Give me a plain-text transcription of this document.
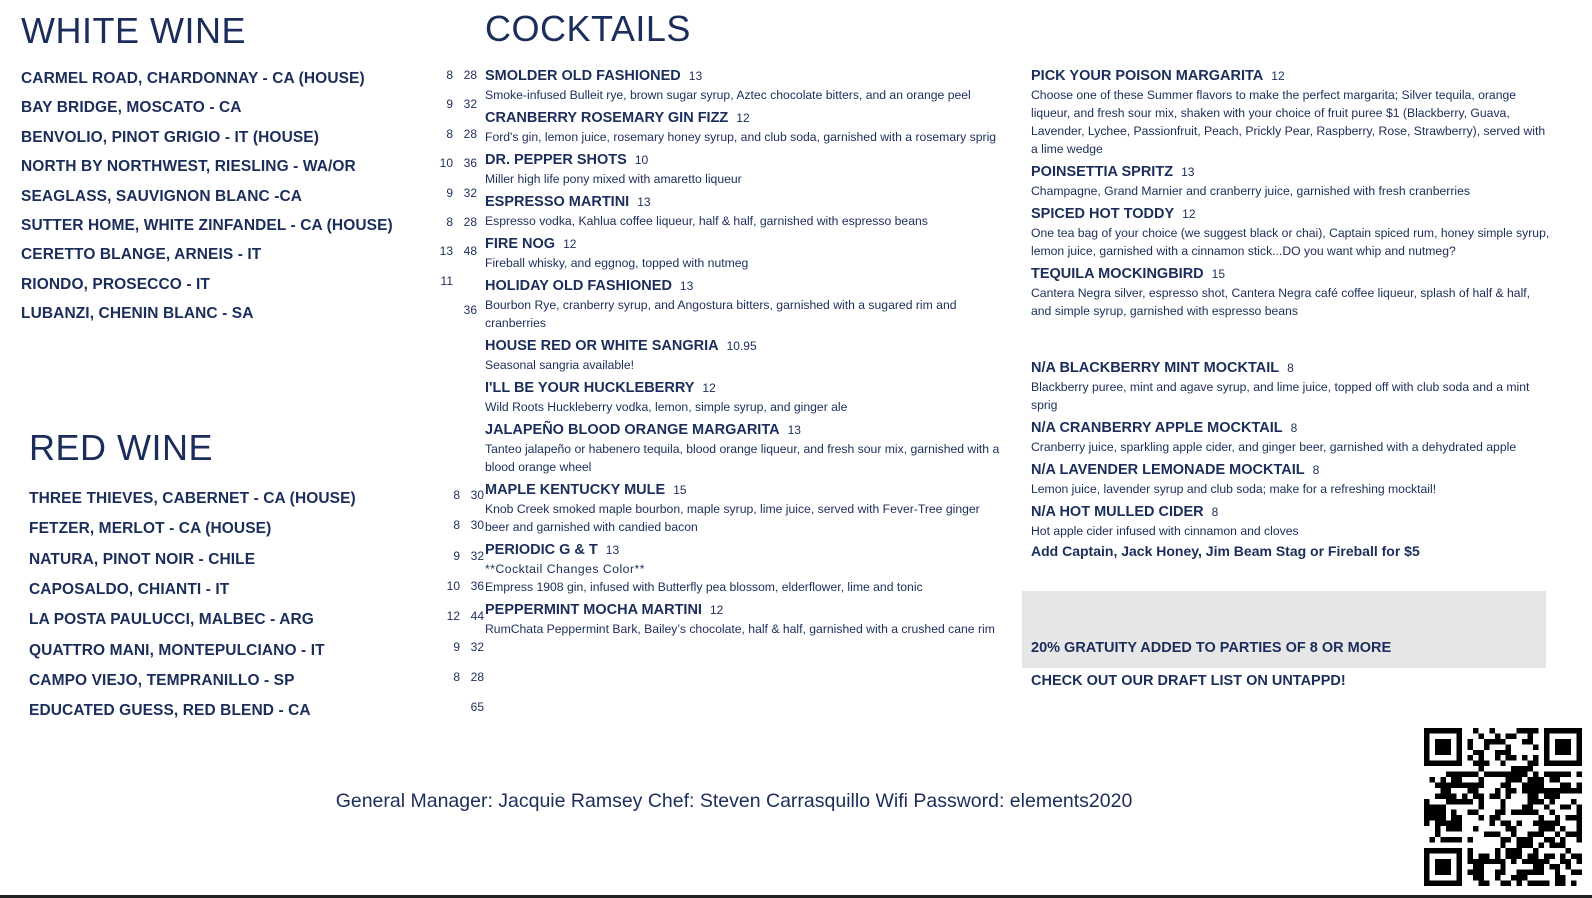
WHITE WINE
CARMEL ROAD, CHARDONNAY - CA (HOUSE)	8 28
BAY BRIDGE, MOSCATO - CA	9 32
BENVOLIO, PINOT GRIGIO - IT (HOUSE)	8 28
NORTH BY NORTHWEST, RIESLING - WA/OR	10 36
SEAGLASS, SAUVIGNON BLANC -CA	9 32
SUTTER HOME, WHITE ZINFANDEL - CA (HOUSE)	8 28
CERETTO BLANGE, ARNEIS - IT	13 48
RIONDO, PROSECCO - IT	11
LUBANZI, CHENIN BLANC - SA	36
RED WINE
THREE THIEVES, CABERNET - CA (HOUSE)	8 30
FETZER, MERLOT - CA (HOUSE)	8 30
NATURA, PINOT NOIR - CHILE	9 32
CAPOSALDO, CHIANTI - IT	10 36
LA POSTA PAULUCCI, MALBEC - ARG	12 44
QUATTRO MANI, MONTEPULCIANO - IT	9 32
CAMPO VIEJO, TEMPRANILLO - SP	8 28
EDUCATED GUESS, RED BLEND - CA	65
COCKTAILS
SMOLDER OLD FASHIONED 13
Smoke-infused Bulleit rye, brown sugar syrup, Aztec chocolate bitters, and an orange peel
CRANBERRY ROSEMARY GIN FIZZ 12
Ford's gin, lemon juice, rosemary honey syrup, and club soda, garnished with a rosemary sprig
DR. PEPPER SHOTS 10
Miller high life pony mixed with amaretto liqueur
ESPRESSO MARTINI 13
Espresso vodka, Kahlua coffee liqueur, half & half, garnished with espresso beans
FIRE NOG 12
Fireball whisky, and eggnog, topped with nutmeg
HOLIDAY OLD FASHIONED 13
Bourbon Rye, cranberry syrup, and Angostura bitters, garnished with a sugared rim and cranberries
HOUSE RED OR WHITE SANGRIA 10.95
Seasonal sangria available!
I'LL BE YOUR HUCKLEBERRY 12
Wild Roots Huckleberry vodka, lemon, simple syrup, and ginger ale
JALAPEÑO BLOOD ORANGE MARGARITA 13
Tanteo jalapeño or habenero tequila, blood orange liqueur, and fresh sour mix, garnished with a blood orange wheel
MAPLE KENTUCKY MULE 15
Knob Creek smoked maple bourbon, maple syrup, lime juice, served with Fever-Tree ginger beer and garnished with candied bacon
PERIODIC G & T 13
**Cocktail Changes Color**
Empress 1908 gin, infused with Butterfly pea blossom, elderflower, lime and tonic
PEPPERMINT MOCHA MARTINI 12
RumChata Peppermint Bark, Bailey’s chocolate, half & half, garnished with a crushed cane rim
PICK YOUR POISON MARGARITA 12
Choose one of these Summer flavors to make the perfect margarita; Silver tequila, orange liqueur, and fresh sour mix, shaken with your choice of fruit puree $1 (Blackberry, Guava, Lavender, Lychee, Passionfruit, Peach, Prickly Pear, Raspberry, Rose, Strawberry), served with a lime wedge
POINSETTIA SPRITZ 13
Champagne, Grand Marnier and cranberry juice, garnished with fresh cranberries
SPICED HOT TODDY 12
One tea bag of your choice (we suggest black or chai), Captain spiced rum, honey simple syrup, lemon juice, garnished with a cinnamon stick...DO you want whip and nutmeg?
TEQUILA MOCKINGBIRD 15
Cantera Negra silver, espresso shot, Cantera Negra café coffee liqueur, splash of half & half, and simple syrup, garnished with espresso beans
N/A BLACKBERRY MINT MOCKTAIL 8
Blackberry puree, mint and agave syrup, and lime juice, topped off with club soda and a mint sprig
N/A CRANBERRY APPLE MOCKTAIL 8
Cranberry juice, sparkling apple cider, and ginger beer, garnished with a dehydrated apple
N/A LAVENDER LEMONADE MOCKTAIL 8
Lemon juice, lavender syrup and club soda; make for a refreshing mocktail!
N/A HOT MULLED CIDER 8
Hot apple cider infused with cinnamon and cloves
Add Captain, Jack Honey, Jim Beam Stag or Fireball for $5
20% GRATUITY ADDED TO PARTIES OF 8 OR MORE
CHECK OUT OUR DRAFT LIST ON UNTAPPD!
General Manager: Jacquie Ramsey Chef: Steven Carrasquillo Wifi Password: elements2020
